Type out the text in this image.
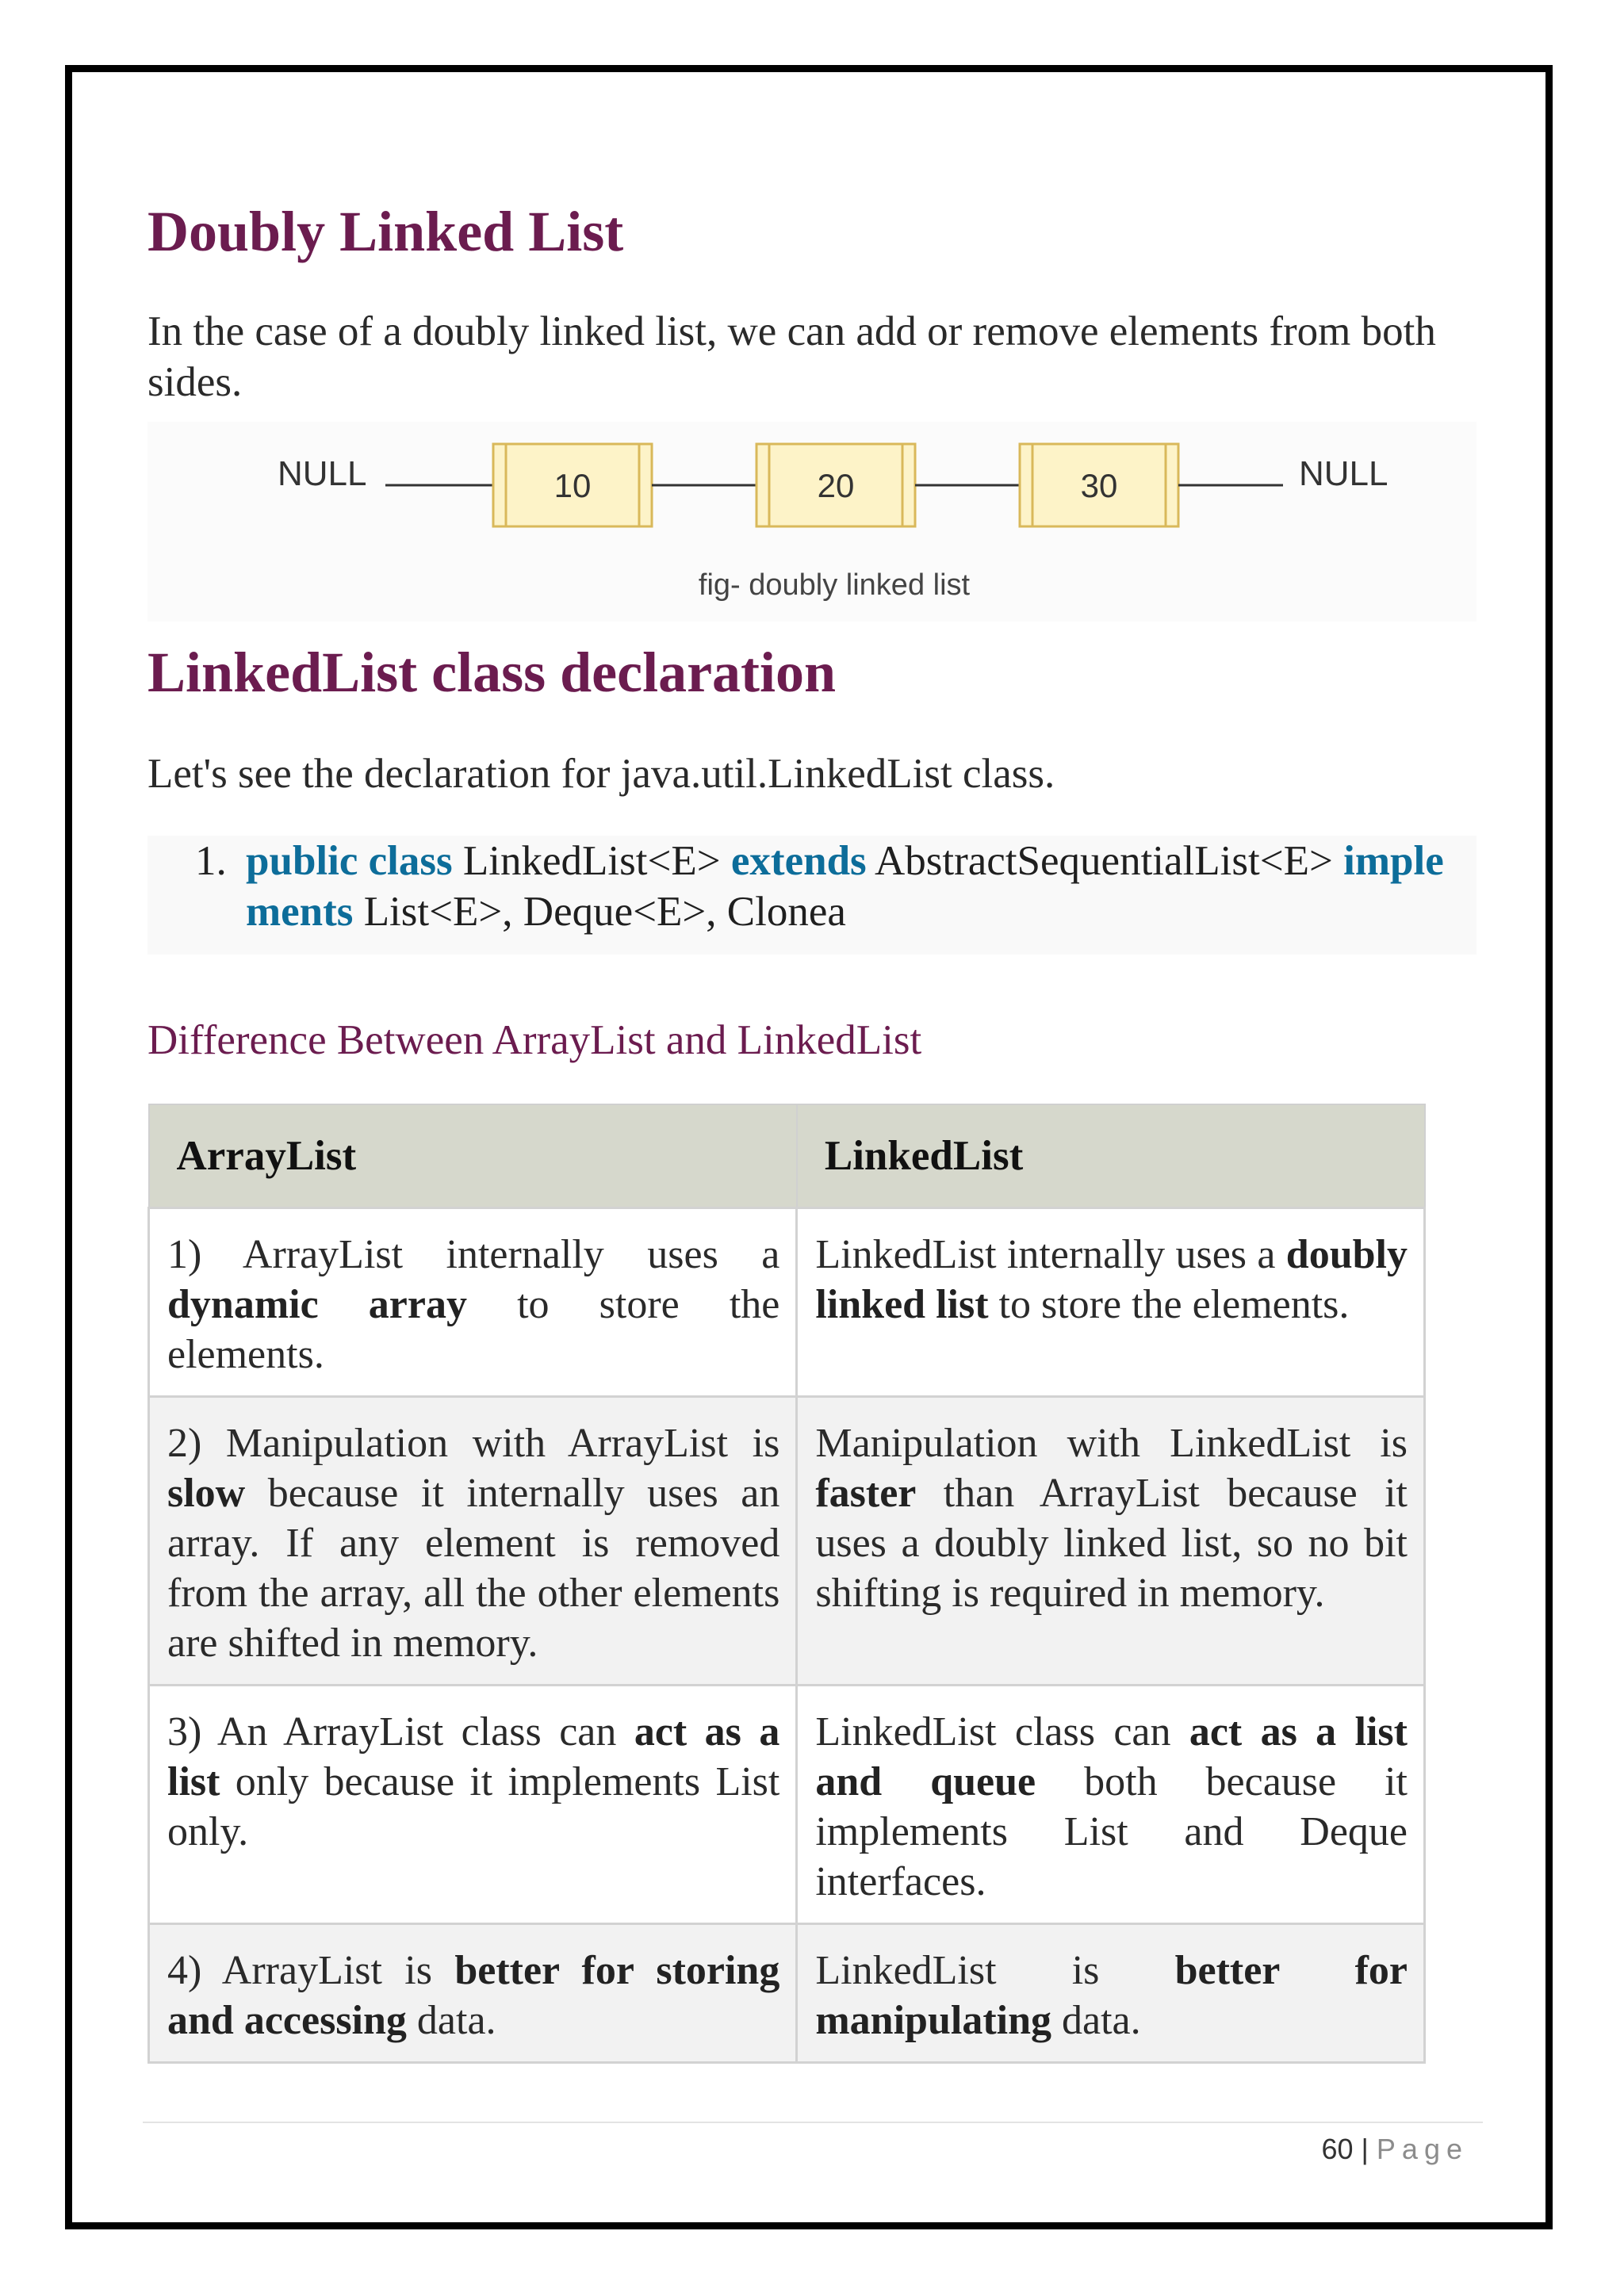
Doubly Linked List

In the case of a doubly linked list, we can add or remove elements from both sides.

NULL	10	20	30	NULL
fig- doubly linked list
LinkedList class declaration

Let's see the declaration for java.util.LinkedList class.

1. public class LinkedList<E> extends AbstractSequentialList<E> implements List<E>, Deque<E>, Clonea
Difference Between ArrayList and LinkedList
ArrayList	LinkedList
1) ArrayList internally uses a dynamic array to store the elements.	LinkedList internally uses a doubly linked list to store the elements.
2) Manipulation with ArrayList is slow because it internally uses an array. If any element is removed from the array, all the other elements are shifted in memory.	Manipulation with LinkedList is faster than ArrayList because it uses a doubly linked list, so no bit shifting is required in memory.
3) An ArrayList class can act as a list only because it implements List only.	LinkedList class can act as a list and queue both because it implements List and Deque interfaces.
4) ArrayList is better for storing and accessing data.	LinkedList is better for manipulating data.
60 | Page
